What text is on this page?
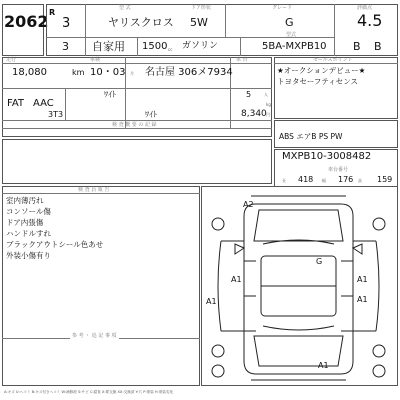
2062
型 式	ドア形状	グレード	評価点
型式
R
3	ヤリスクロス 5W	G	4.5
3 自家用 1500 cc ガソリン	5BA-MXPB10 B B
走行	車検	車 台
18,080	km 10・03 月 名古屋 306メ7934
ﾜｲﾄ	5	人
kg
FAT AAC
3T3	ﾜｲﾄ	8,340 円
検 査 概 要 の 記 録
セールスポイント
★オークションデビュー★
トヨタセーフティセンス
ABS エアB PS PW
MXPB10-3008482
車台番号
長 418 幅 176 高 159
検 査 員 報 告
室内薄汚れ
コンソール傷
ドア内張傷
ハンドルすれ
ブラックアウトシール色あせ
外装小傷有り
参 考 ・ 追 記 事 項
A2
G
A1
A1
A1
A1
A1
A:キズ U:ヘコミ B:キズ付きヘコミ W:補修波 S:サビ C:腐食 X:要交換 XX:交換済 Y:穴 P:塗装 H:塗装劣化
